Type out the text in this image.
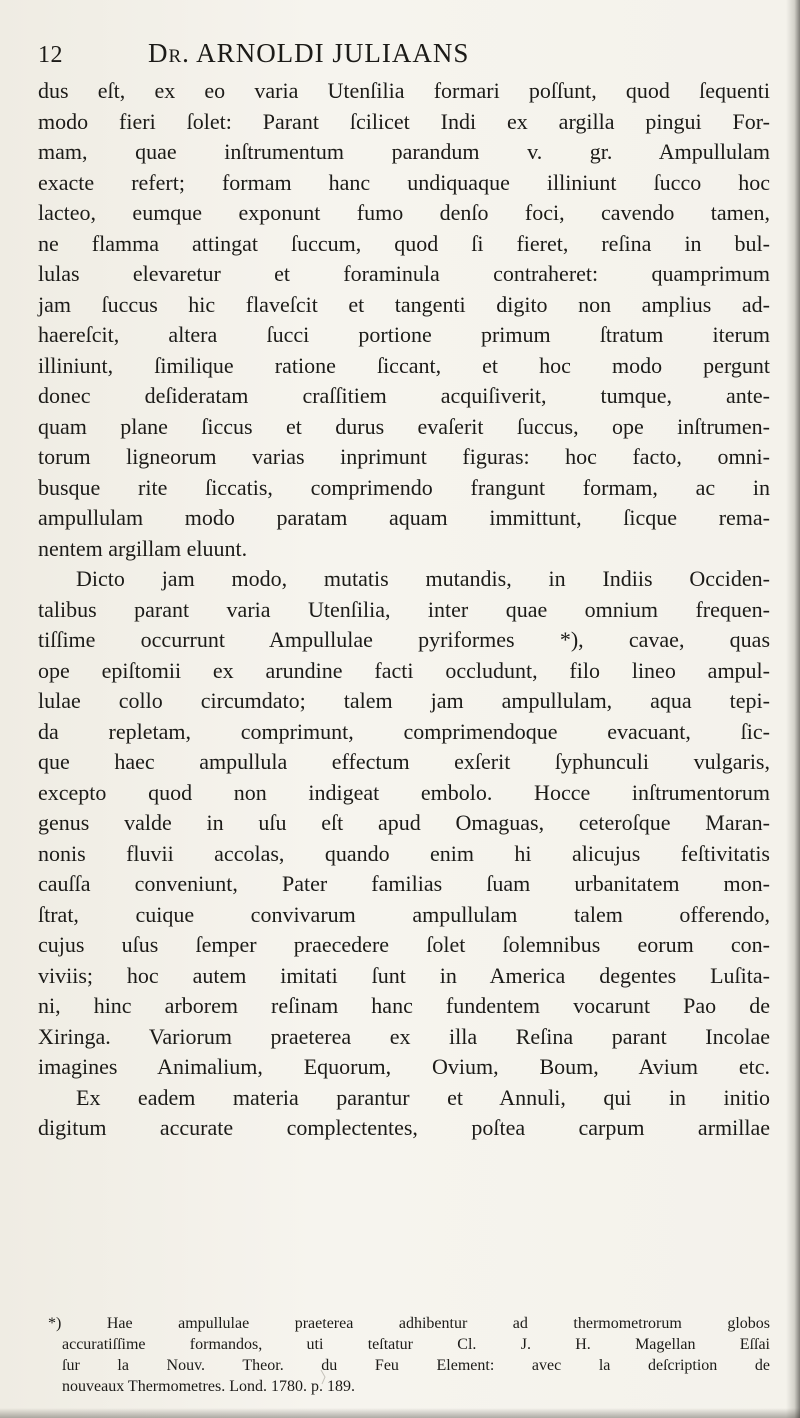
12	Dr. ARNOLDI JULIAANS
dus eſt, ex eo varia Utenſilia formari poſſunt, quod ſequenti
modo fieri ſolet: Parant ſcilicet Indi ex argilla pingui For-
mam, quae inſtrumentum parandum v. gr. Ampullulam
exacte refert; formam hanc undiquaque illiniunt ſucco hoc
lacteo, eumque exponunt fumo denſo foci, cavendo tamen,
ne flamma attingat ſuccum, quod ſi fieret, reſina in bul-
lulas elevaretur et foraminula contraheret: quamprimum
jam ſuccus hic flaveſcit et tangenti digito non amplius ad-
haereſcit, altera ſucci portione primum ſtratum iterum
illiniunt, ſimilique ratione ſiccant, et hoc modo pergunt
donec deſideratam craſſitiem acquiſiverit, tumque, ante-
quam plane ſiccus et durus evaſerit ſuccus, ope inſtrumen-
torum ligneorum varias inprimunt figuras: hoc facto, omni-
busque rite ſiccatis, comprimendo frangunt formam, ac in
ampullulam modo paratam aquam immittunt, ſicque rema-
nentem argillam eluunt.
Dicto jam modo, mutatis mutandis, in Indiis Occiden-
talibus parant varia Utenſilia, inter quae omnium frequen-
tiſſime occurrunt Ampullulae pyriformes *), cavae, quas
ope epiſtomii ex arundine facti occludunt, filo lineo ampul-
lulae collo circumdato; talem jam ampullulam, aqua tepi-
da repletam, comprimunt, comprimendoque evacuant, ſic-
que haec ampullula effectum exſerit ſyphunculi vulgaris,
excepto quod non indigeat embolo. Hocce inſtrumentorum
genus valde in uſu eſt apud Omaguas, ceteroſque Maran-
nonis fluvii accolas, quando enim hi alicujus feſtivitatis
cauſſa conveniunt, Pater familias ſuam urbanitatem mon-
ſtrat, cuique convivarum ampullulam talem offerendo,
cujus uſus ſemper praecedere ſolet ſolemnibus eorum con-
viviis; hoc autem imitati ſunt in America degentes Luſita-
ni, hinc arborem reſinam hanc fundentem vocarunt Pao de
Xiringa. Variorum praeterea ex illa Reſina parant Incolae
imagines Animalium, Equorum, Ovium, Boum, Avium etc.
Ex eadem materia parantur et Annuli, qui in initio
digitum accurate complectentes, poſtea carpum armillae
*) Hae ampullulae praeterea adhibentur ad thermometrorum globos
accuratiſſime formandos, uti teſtatur Cl. J. H. Magellan Eſſai
ſur la Nouv. Theor. du Feu Element: avec la deſcription de
nouveaux Thermometres. Lond. 1780. p. 189.
